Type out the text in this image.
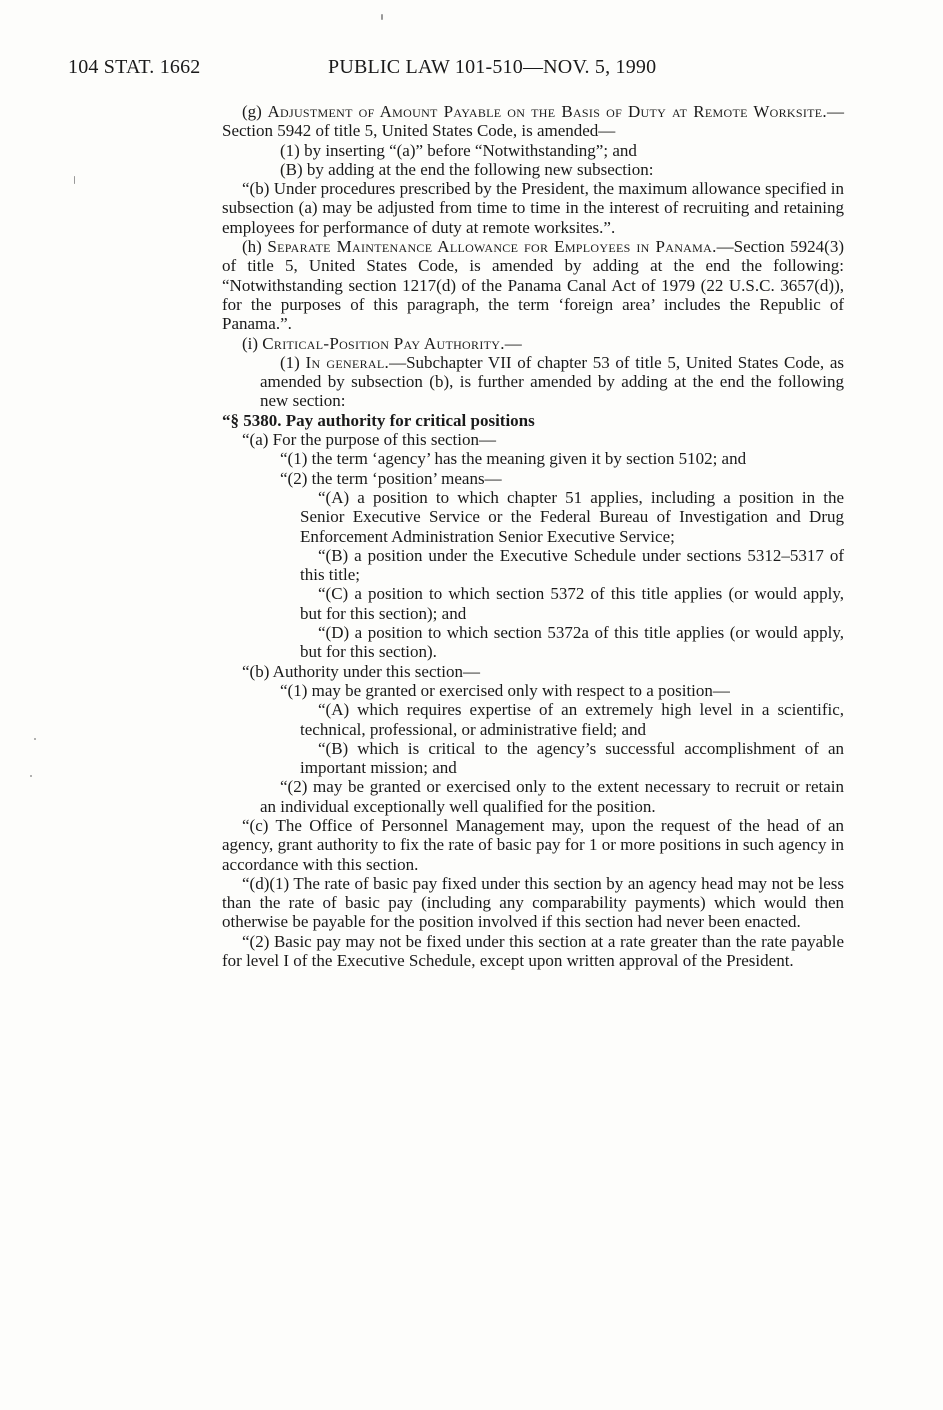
104 STAT. 1662	PUBLIC LAW 101-510—NOV. 5, 1990

(g) Adjustment of Amount Payable on the Basis of Duty at Remote Worksite.—Section 5942 of title 5, United States Code, is amended—

(1) by inserting “(a)” before “Notwithstanding”; and

(B) by adding at the end the following new subsection:

“(b) Under procedures prescribed by the President, the maximum allowance specified in subsection (a) may be adjusted from time to time in the interest of recruiting and retaining employees for performance of duty at remote worksites.”.

(h) Separate Maintenance Allowance for Employees in Panama.—Section 5924(3) of title 5, United States Code, is amended by adding at the end the following: “Notwithstanding section 1217(d) of the Panama Canal Act of 1979 (22 U.S.C. 3657(d)), for the purposes of this paragraph, the term ‘foreign area’ includes the Republic of Panama.”.

(i) Critical-Position Pay Authority.—

(1) In general.—Subchapter VII of chapter 53 of title 5, United States Code, as amended by subsection (b), is further amended by adding at the end the following new section:

“§ 5380. Pay authority for critical positions

“(a) For the purpose of this section—

“(1) the term ‘agency’ has the meaning given it by section 5102; and

“(2) the term ‘position’ means—

“(A) a position to which chapter 51 applies, including a position in the Senior Executive Service or the Federal Bureau of Investigation and Drug Enforcement Administration Senior Executive Service;

“(B) a position under the Executive Schedule under sections 5312–5317 of this title;

“(C) a position to which section 5372 of this title applies (or would apply, but for this section); and

“(D) a position to which section 5372a of this title applies (or would apply, but for this section).

“(b) Authority under this section—

“(1) may be granted or exercised only with respect to a position—

“(A) which requires expertise of an extremely high level in a scientific, technical, professional, or administrative field; and

“(B) which is critical to the agency’s successful accomplishment of an important mission; and

“(2) may be granted or exercised only to the extent necessary to recruit or retain an individual exceptionally well qualified for the position.

“(c) The Office of Personnel Management may, upon the request of the head of an agency, grant authority to fix the rate of basic pay for 1 or more positions in such agency in accordance with this section.

“(d)(1) The rate of basic pay fixed under this section by an agency head may not be less than the rate of basic pay (including any comparability payments) which would then otherwise be payable for the position involved if this section had never been enacted.

“(2) Basic pay may not be fixed under this section at a rate greater than the rate payable for level I of the Executive Schedule, except upon written approval of the President.
